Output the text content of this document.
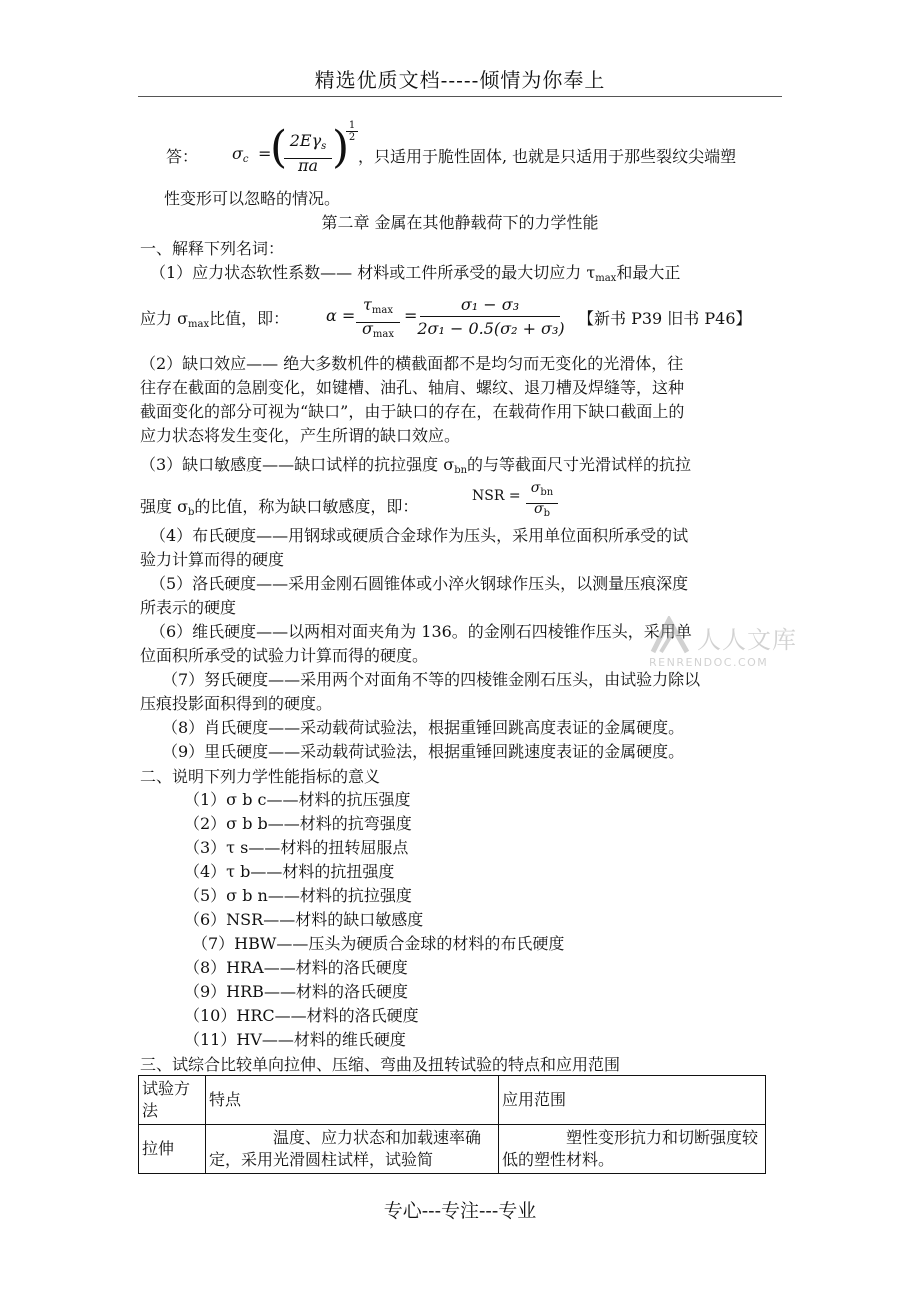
精选优质文档-----倾情为你奉上
答： $\sigma_c$ =
( $2E\gamma_s$
πa )
$\frac{1}{2}$
，只适用于脆性固体, 也就是只适用于那些裂纹尖端塑
性变形可以忽略的情况。
第二章 金属在其他静载荷下的力学性能
一、解释下列名词：
（1）应力状态软性系数—— 材料或工件所承受的最大切应力 $\tau_{max}$和最大正
应力 $\sigma_{max}$比值，即： α =
$\tau_{max}$
$\sigma_{max}$
=
σ₁ − σ₃
2σ₁ − 0.5(σ₂ + σ₃)
【新书 P39 旧书 P46】

（2）缺口效应—— 绝大多数机件的横截面都不是均匀而无变化的光滑体，往

往存在截面的急剧变化，如键槽、油孔、轴肩、螺纹、退刀槽及焊缝等，这种

截面变化的部分可视为“缺口”，由于缺口的存在，在载荷作用下缺口截面上的

应力状态将发生变化，产生所谓的缺口效应。

（3）缺口敏感度——缺口试样的抗拉强度 $\sigma_{bn}$的与等截面尺寸光滑试样的抗拉
强度 $\sigma_b$的比值，称为缺口敏感度，即：
NSR = $\sigma_{bn}$
$\sigma_b$

（4）布氏硬度——用钢球或硬质合金球作为压头，采用单位面积所承受的试

验力计算而得的硬度

（5）洛氏硬度——采用金刚石圆锥体或小淬火钢球作压头，以测量压痕深度

所表示的硬度

（6）维氏硬度——以两相对面夹角为 136。的金刚石四棱锥作压头，采用单

位面积所承受的试验力计算而得的硬度。

（7）努氏硬度——采用两个对面角不等的四棱锥金刚石压头，由试验力除以

压痕投影面积得到的硬度。

（8）肖氏硬度——采动载荷试验法，根据重锤回跳高度表证的金属硬度。

（9）里氏硬度——采动载荷试验法，根据重锤回跳速度表证的金属硬度。

二、说明下列力学性能指标的意义

（1）σ b c——材料的抗压强度

（2）σ b b——材料的抗弯强度

（3）τ s——材料的扭转屈服点

（4）τ b——材料的抗扭强度

（5）σ b n——材料的抗拉强度

（6）NSR——材料的缺口敏感度

（7）HBW——压头为硬质合金球的材料的布氏硬度

（8）HRA——材料的洛氏硬度

（9）HRB——材料的洛氏硬度

（10）HRC——材料的洛氏硬度

（11）HV——材料的维氏硬度

三、试综合比较单向拉伸、压缩、弯曲及扭转试验的特点和应用范围
试验方法	特点	应用范围
拉伸	温度、应力状态和加载速率确定，采用光滑圆柱试样，试验简	塑性变形抗力和切断强度较低的塑性材料。
人人文库
RENRENDOC.COM
专心---专注---专业
